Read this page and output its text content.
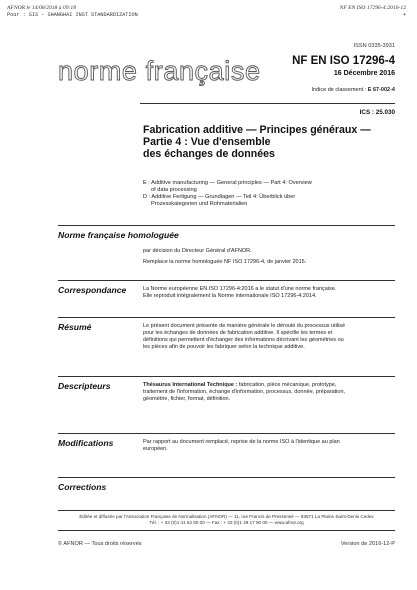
AFNOR le 14/08/2018 à 09:18	NF EN ISO 17296-4:2016-12
Pour : SIS - SHANGHAI INST STANDARDIZATION	+
ISSN 0335-3931
norme française	NF EN ISO 17296-4
16 Décembre 2016
Indice de classement : E 67-002-4
ICS : 25.030
Fabrication additive — Principes généraux —
Partie 4 : Vue d'ensemble
des échanges de données
E : Additive manufacturing — General principles — Part 4: Overview
of data processing
D : Additive Fertigung — Grundlagen — Teil 4: Überblick über
Prozesskategorien und Rohmaterialien
Norme française homologuée
par décision du Directeur Général d'AFNOR.
Remplace la norme homologuée NF ISO 17296-4, de janvier 2015.
Correspondance	La Norme européenne EN ISO 17296-4:2016 a le statut d'une norme française.
Elle reproduit intégralement la Norme internationale ISO 17296-4:2014.
Résumé	Le présent document présente de manière générale le déroulé du processus utilisé
pour les échanges de données de fabrication additive. Il spécifie les termes et
définitions qui permettent d'échanger des informations décrivant les géométries ou
les pièces afin de pouvoir les fabriquer selon la technique additive.
Descripteurs	Thésaurus International Technique : fabrication, pièce mécanique, prototype,
traitement de l'information, échange d'information, processus, donnée, préparation,
géométrie, fichier, format, définition.
Modifications	Par rapport au document remplacé, reprise de la norme ISO à l'identique au plan
européen.
Corrections
Éditée et diffusée par l'Association Française de Normalisation (AFNOR) — 11, rue Francis de Pressensé — 93571 La Plaine Saint-Denis Cedex
Tél. : + 33 (0)1 41 62 80 00 — Fax : + 33 (0)1 49 17 90 00 — www.afnor.org
© AFNOR — Tous droits réservés	Version de 2016-12-P
